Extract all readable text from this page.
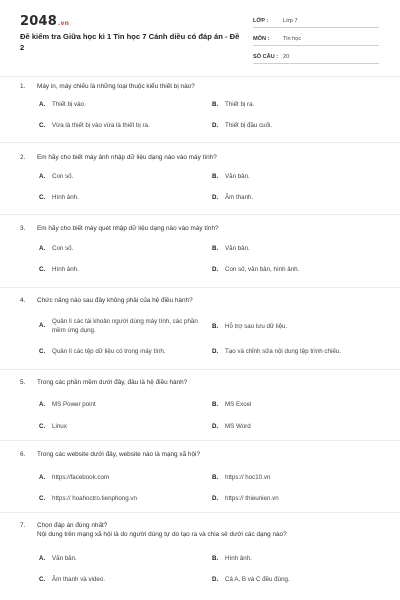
2048.vn
Đề kiểm tra Giữa học kì 1 Tin học 7 Cánh diều có đáp án - Đề 2
LỚP :	Lớp 7
MÔN :	Tin học
SỐ CÂU : 20
1.	Máy in, máy chiếu là những loại thuộc kiểu thiết bị nào?
A.	Thiết bị vào.	B.	Thiết bị ra.
C.	Vừa là thiết bị vào vừa là thiết bị ra.	D.	Thiết bị đầu cuối.
2.	Em hãy cho biết máy ảnh nhập dữ liệu dạng nào vào máy tính?
A.	Con số.	B.	Văn bản.
C.	Hình ảnh.	D.	Âm thanh.
3.	Em hãy cho biết máy quét nhập dữ liệu dạng nào vào máy tính?
A.	Con số.	B.	Văn bản.
C.	Hình ảnh.	D.	Con số, văn bản, hình ảnh.
4.	Chức năng nào sau đây không phải của hệ điều hành?
A.
Quản lí các tài khoản người dùng máy tính, các phần mềm ứng dụng.
B.	Hỗ trợ sao lưu dữ liệu.
C.	Quản lí các tệp dữ liệu có trong máy tính.	D.	Tạo và chỉnh sửa nội dung tệp trình chiếu.
5.	Trong các phần mềm dưới đây, đâu là hệ điều hành?
A.	MS Power point	B.	MS Excel
C.	Linux	D.	MS Word
6.	Trong các website dưới đây, website nào là mạng xã hội?
A.	https://facebook.com	B.	https:// hoc10.vn
C.	https:// hoahoctro.tienphong.vn	D.	https:// thieunien.vn
7.	Chọn đáp án đúng nhất?
Nội dung trên mạng xã hội là do người dùng tự do tạo ra và chia sẻ dưới các dạng nào?
A.	Văn bản.	B.	Hình ảnh.
C.	Âm thanh và video.	D.	Cả A, B và C đều đúng.
